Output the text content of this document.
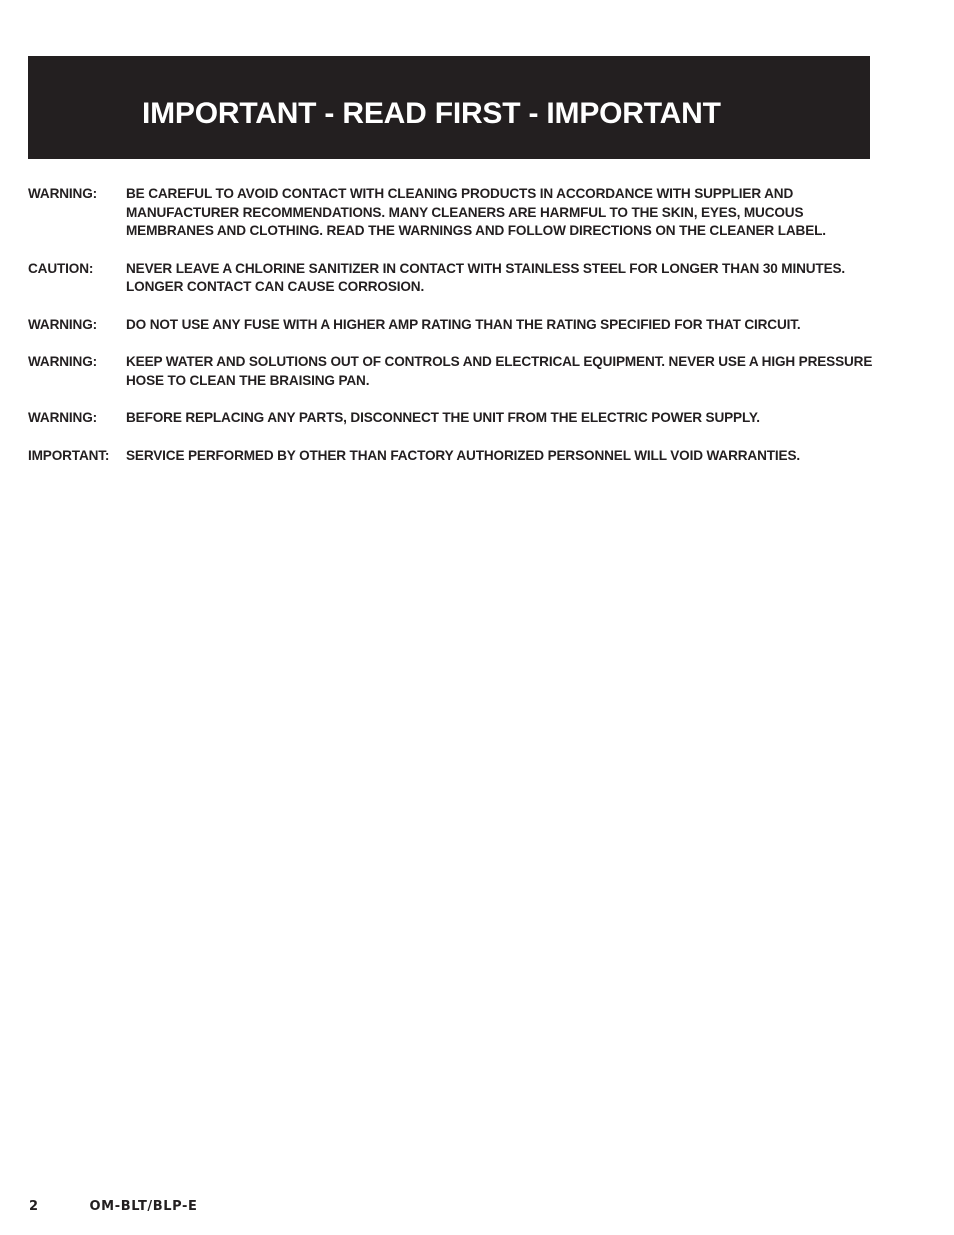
IMPORTANT - READ FIRST - IMPORTANT
WARNING:	BE CAREFUL TO AVOID CONTACT WITH CLEANING PRODUCTS IN ACCORDANCE WITH SUPPLIER AND MANUFACTURER RECOMMENDATIONS. MANY CLEANERS ARE HARMFUL TO THE SKIN, EYES, MUCOUS MEMBRANES AND CLOTHING. READ THE WARNINGS AND FOLLOW DIRECTIONS ON THE CLEANER LABEL.
CAUTION:	NEVER LEAVE A CHLORINE SANITIZER IN CONTACT WITH STAINLESS STEEL FOR LONGER THAN 30 MINUTES. LONGER CONTACT CAN CAUSE CORROSION.
WARNING:	DO NOT USE ANY FUSE WITH A HIGHER AMP RATING THAN THE RATING SPECIFIED FOR THAT CIRCUIT.
WARNING:	KEEP WATER AND SOLUTIONS OUT OF CONTROLS AND ELECTRICAL EQUIPMENT. NEVER USE A HIGH PRESSURE HOSE TO CLEAN THE BRAISING PAN.
WARNING:	BEFORE REPLACING ANY PARTS, DISCONNECT THE UNIT FROM THE ELECTRIC POWER SUPPLY.
IMPORTANT:	SERVICE PERFORMED BY OTHER THAN FACTORY AUTHORIZED PERSONNEL WILL VOID WARRANTIES.
2	OM-BLT/BLP-E
